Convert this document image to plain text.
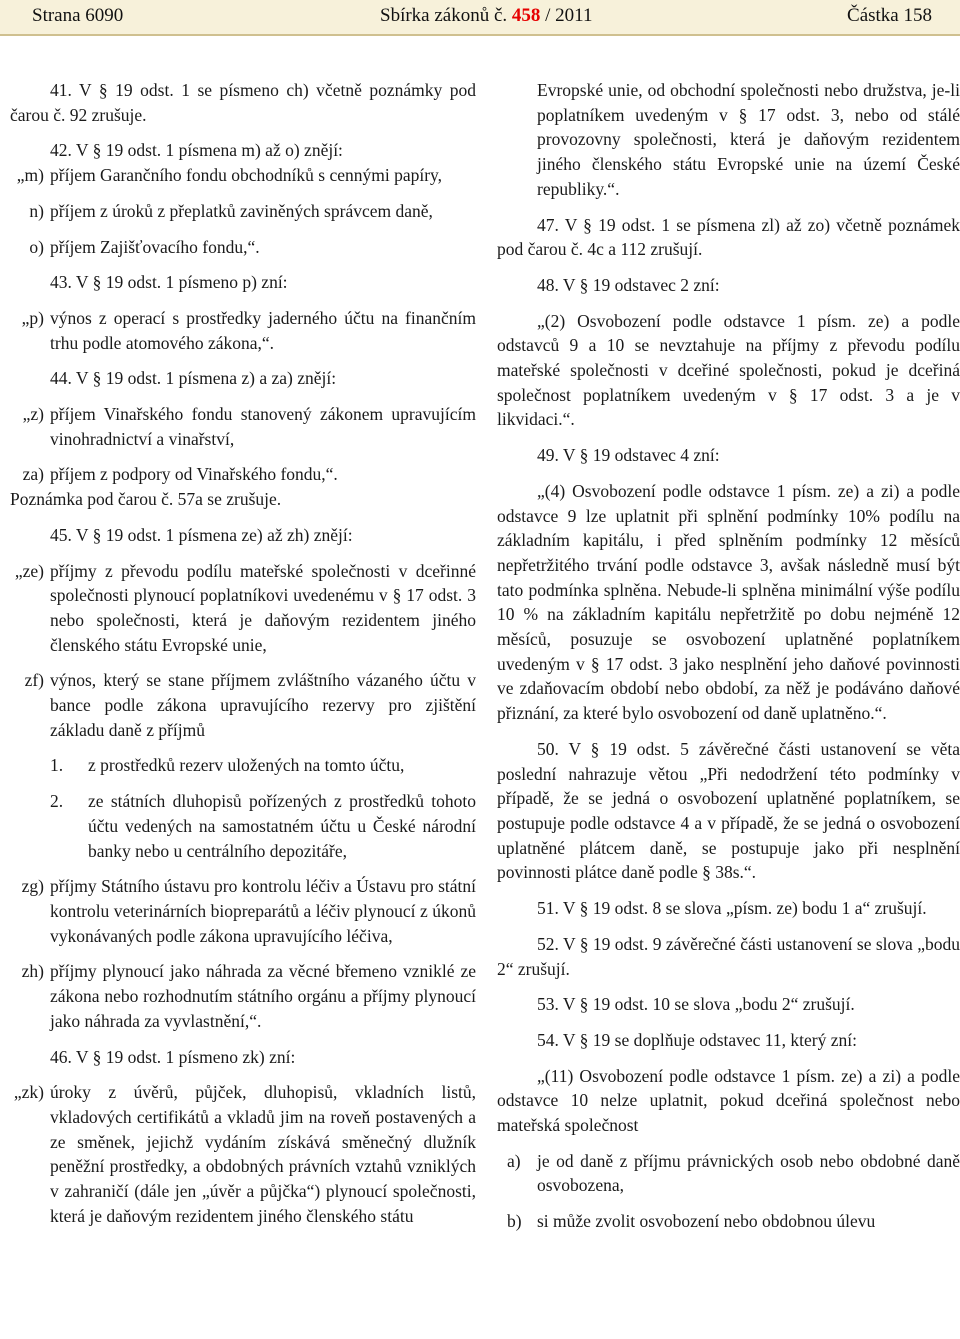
Strana 6090	Sbírka zákonů č. 458 / 2011	Částka 158

41. V § 19 odst. 1 se písmeno ch) včetně poznámky pod čarou č. 92 zrušuje.

42. V § 19 odst. 1 písmena m) až o) znějí:

„m) příjem Garančního fondu obchodníků s cennými papíry,

n) příjem z úroků z přeplatků zaviněných správcem daně,

o) příjem Zajišťovacího fondu,“.

43. V § 19 odst. 1 písmeno p) zní:

„p) výnos z operací s prostředky jaderného účtu na finančním trhu podle atomového zákona,“.

44. V § 19 odst. 1 písmena z) a za) znějí:

„z) příjem Vinařského fondu stanovený zákonem upravujícím vinohradnictví a vinařství,

za) příjem z podpory od Vinařského fondu,“.

Poznámka pod čarou č. 57a se zrušuje.

45. V § 19 odst. 1 písmena ze) až zh) znějí:

„ze) příjmy z převodu podílu mateřské společnosti v dceřinné společnosti plynoucí poplatníkovi uvedenému v § 17 odst. 3 nebo společnosti, která je daňovým rezidentem jiného členského státu Evropské unie,

zf) výnos, který se stane příjmem zvláštního vázaného účtu v bance podle zákona upravujícího rezervy pro zjištění základu daně z příjmů

1. z prostředků rezerv uložených na tomto účtu,

2. ze státních dluhopisů pořízených z prostředků tohoto účtu vedených na samostatném účtu u České národní banky nebo u centrálního depozitáře,

zg) příjmy Státního ústavu pro kontrolu léčiv a Ústavu pro státní kontrolu veterinárních biopreparátů a léčiv plynoucí z úkonů vykonávaných podle zákona upravujícího léčiva,

zh) příjmy plynoucí jako náhrada za věcné břemeno vzniklé ze zákona nebo rozhodnutím státního orgánu a příjmy plynoucí jako náhrada za vyvlastnění,“.

46. V § 19 odst. 1 písmeno zk) zní:

„zk) úroky z úvěrů, půjček, dluhopisů, vkladních listů, vkladových certifikátů a vkladů jim na roveň postavených a ze směnek, jejichž vydáním získává směnečný dlužník peněžní prostředky, a obdobných právních vztahů vzniklých v zahraničí (dále jen „úvěr a půjčka“) plynoucí společnosti, která je daňovým rezidentem jiného členského státu

Evropské unie, od obchodní společnosti nebo družstva, je-li poplatníkem uvedeným v § 17 odst. 3, nebo od stálé provozovny společnosti, která je daňovým rezidentem jiného členského státu Evropské unie na území České republiky.“.

47. V § 19 odst. 1 se písmena zl) až zo) včetně poznámek pod čarou č. 4c a 112 zrušují.

48. V § 19 odstavec 2 zní:

„(2) Osvobození podle odstavce 1 písm. ze) a podle odstavců 9 a 10 se nevztahuje na příjmy z převodu podílu mateřské společnosti v dceřiné společnosti, pokud je dceřiná společnost poplatníkem uvedeným v § 17 odst. 3 a je v likvidaci.“.

49. V § 19 odstavec 4 zní:

„(4) Osvobození podle odstavce 1 písm. ze) a zi) a podle odstavce 9 lze uplatnit při splnění podmínky 10% podílu na základním kapitálu, i před splněním podmínky 12 měsíců nepřetržitého trvání podle odstavce 3, avšak následně musí být tato podmínka splněna. Nebude-li splněna minimální výše podílu 10 % na základním kapitálu nepřetržitě po dobu nejméně 12 měsíců, posuzuje se osvobození uplatněné poplatníkem uvedeným v § 17 odst. 3 jako nesplnění jeho daňové povinnosti ve zdaňovacím období nebo období, za něž je podáváno daňové přiznání, za které bylo osvobození od daně uplatněno.“.

50. V § 19 odst. 5 závěrečné části ustanovení se věta poslední nahrazuje větou „Při nedodržení této podmínky v případě, že se jedná o osvobození uplatněné poplatníkem, se postupuje podle odstavce 4 a v případě, že se jedná o osvobození uplatněné plátcem daně, se postupuje jako při nesplnění povinnosti plátce daně podle § 38s.“.

51. V § 19 odst. 8 se slova „písm. ze) bodu 1 a“ zrušují.

52. V § 19 odst. 9 závěrečné části ustanovení se slova „bodu 2“ zrušují.

53. V § 19 odst. 10 se slova „bodu 2“ zrušují.

54. V § 19 se doplňuje odstavec 11, který zní:

„(11) Osvobození podle odstavce 1 písm. ze) a zi) a podle odstavce 10 nelze uplatnit, pokud dceřiná společnost nebo mateřská společnost

a) je od daně z příjmu právnických osob nebo obdobné daně osvobozena,

b) si může zvolit osvobození nebo obdobnou úlevu
